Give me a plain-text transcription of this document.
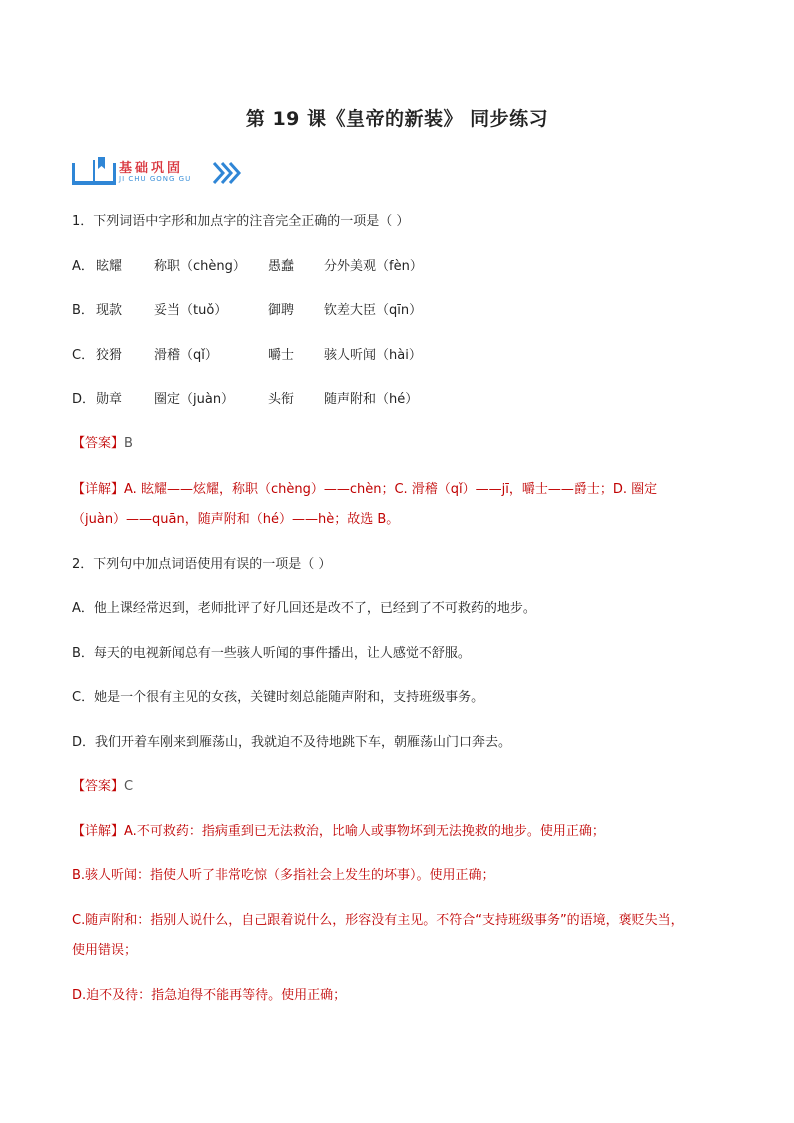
第 19 课《皇帝的新装》 同步练习
基础巩固
JI CHU GONG GU
1．下列词语中字形和加点字的注音完全正确的一项是（ ）
A． 眩耀 称职（chèng） 愚蠢 分外美观（fèn）
B． 现款 妥当（tuǒ）	御聘 钦差大臣（qīn）
C． 狡猾 滑稽（qǐ）	嚼士 骇人听闻（hài）
D． 勋章 圈定（juàn）	头衔 随声附和（hé）
【答案】B
【详解】A. 眩耀——炫耀，称职（chèng）——chèn；C. 滑稽（qǐ）——jī，嚼士——爵士；D. 圈定
（juàn）——quān，随声附和（hé）——hè；故选 B。
2．下列句中加点词语使用有误的一项是（ ）
A．他上课经常迟到，老师批评了好几回还是改不了，已经到了不可救药的地步。
B．每天的电视新闻总有一些骇人听闻的事件播出，让人感觉不舒服。
C．她是一个很有主见的女孩，关键时刻总能随声附和，支持班级事务。
D．我们开着车刚来到雁荡山，我就迫不及待地跳下车，朝雁荡山门口奔去。
【答案】C
【详解】A.不可救药：指病重到已无法救治，比喻人或事物坏到无法挽救的地步。使用正确；
B.骇人听闻：指使人听了非常吃惊（多指社会上发生的坏事）。使用正确；
C.随声附和：指别人说什么，自己跟着说什么，形容没有主见。不符合“支持班级事务”的语境，褒贬失当，
使用错误；
D.迫不及待：指急迫得不能再等待。使用正确；
